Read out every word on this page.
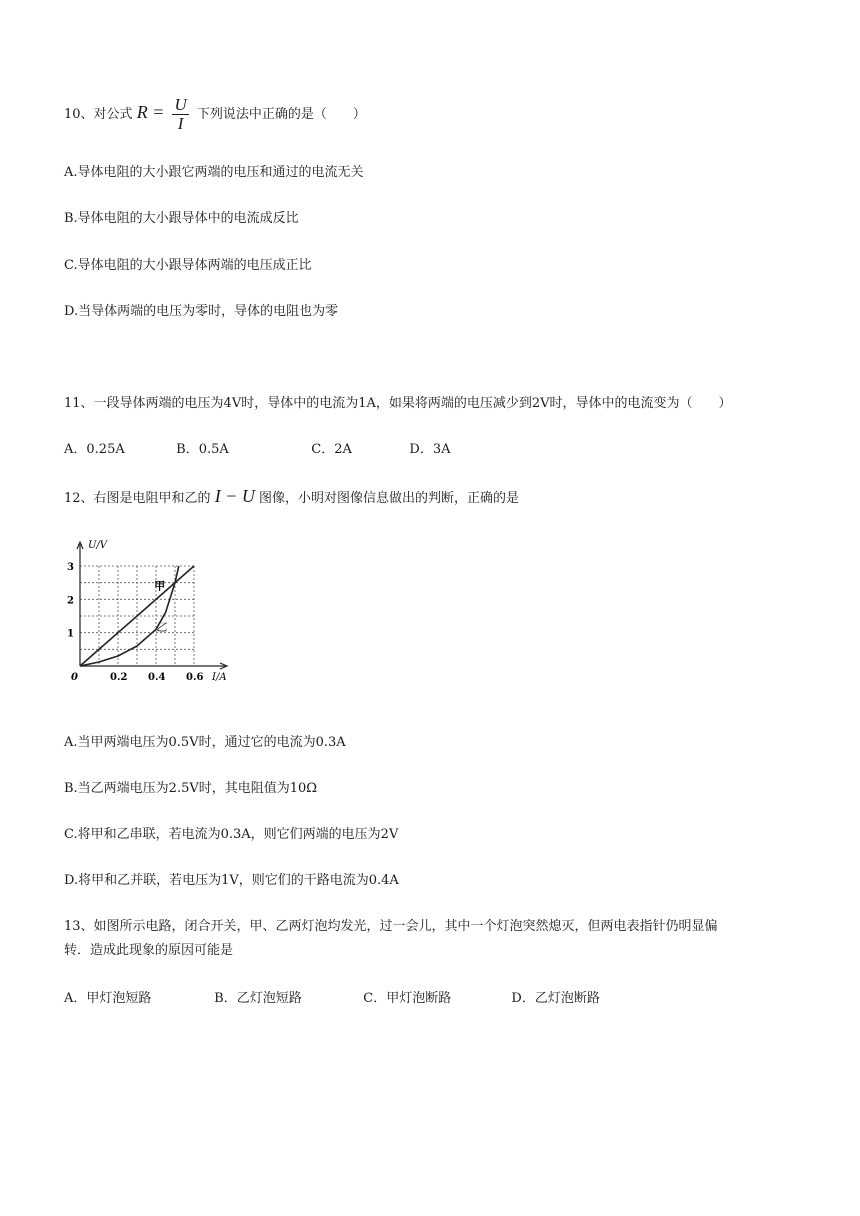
10、对公式 $R = \frac{U}{I}$ 下列说法中正确的是（　　）
A.导体电阻的大小跟它两端的电压和通过的电流无关
B.导体电阻的大小跟导体中的电流成反比
C.导体电阻的大小跟导体两端的电压成正比
D.当导体两端的电压为零时，导体的电阻也为零
11、一段导体两端的电压为4V时，导体中的电流为1A，如果将两端的电压减少到2V时，导体中的电流变为（　　）
A．0.25A	B．0.5A	C．2A	D．3A
12、右图是电阻甲和乙的 I − U 图像，小明对图像信息做出的判断，正确的是
U/V
I/A
0	0.2 0.4 0.6
1
2
3
甲
乙
A.当甲两端电压为0.5V时，通过它的电流为0.3A
B.当乙两端电压为2.5V时，其电阻值为10Ω
C.将甲和乙串联，若电流为0.3A，则它们两端的电压为2V
D.将甲和乙并联，若电压为1V，则它们的干路电流为0.4A
13、如图所示电路，闭合开关，甲、乙两灯泡均发光，过一会儿，其中一个灯泡突然熄灭，但两电表指针仍明显偏
转．造成此现象的原因可能是
A．甲灯泡短路	B．乙灯泡短路	C．甲灯泡断路	D．乙灯泡断路
